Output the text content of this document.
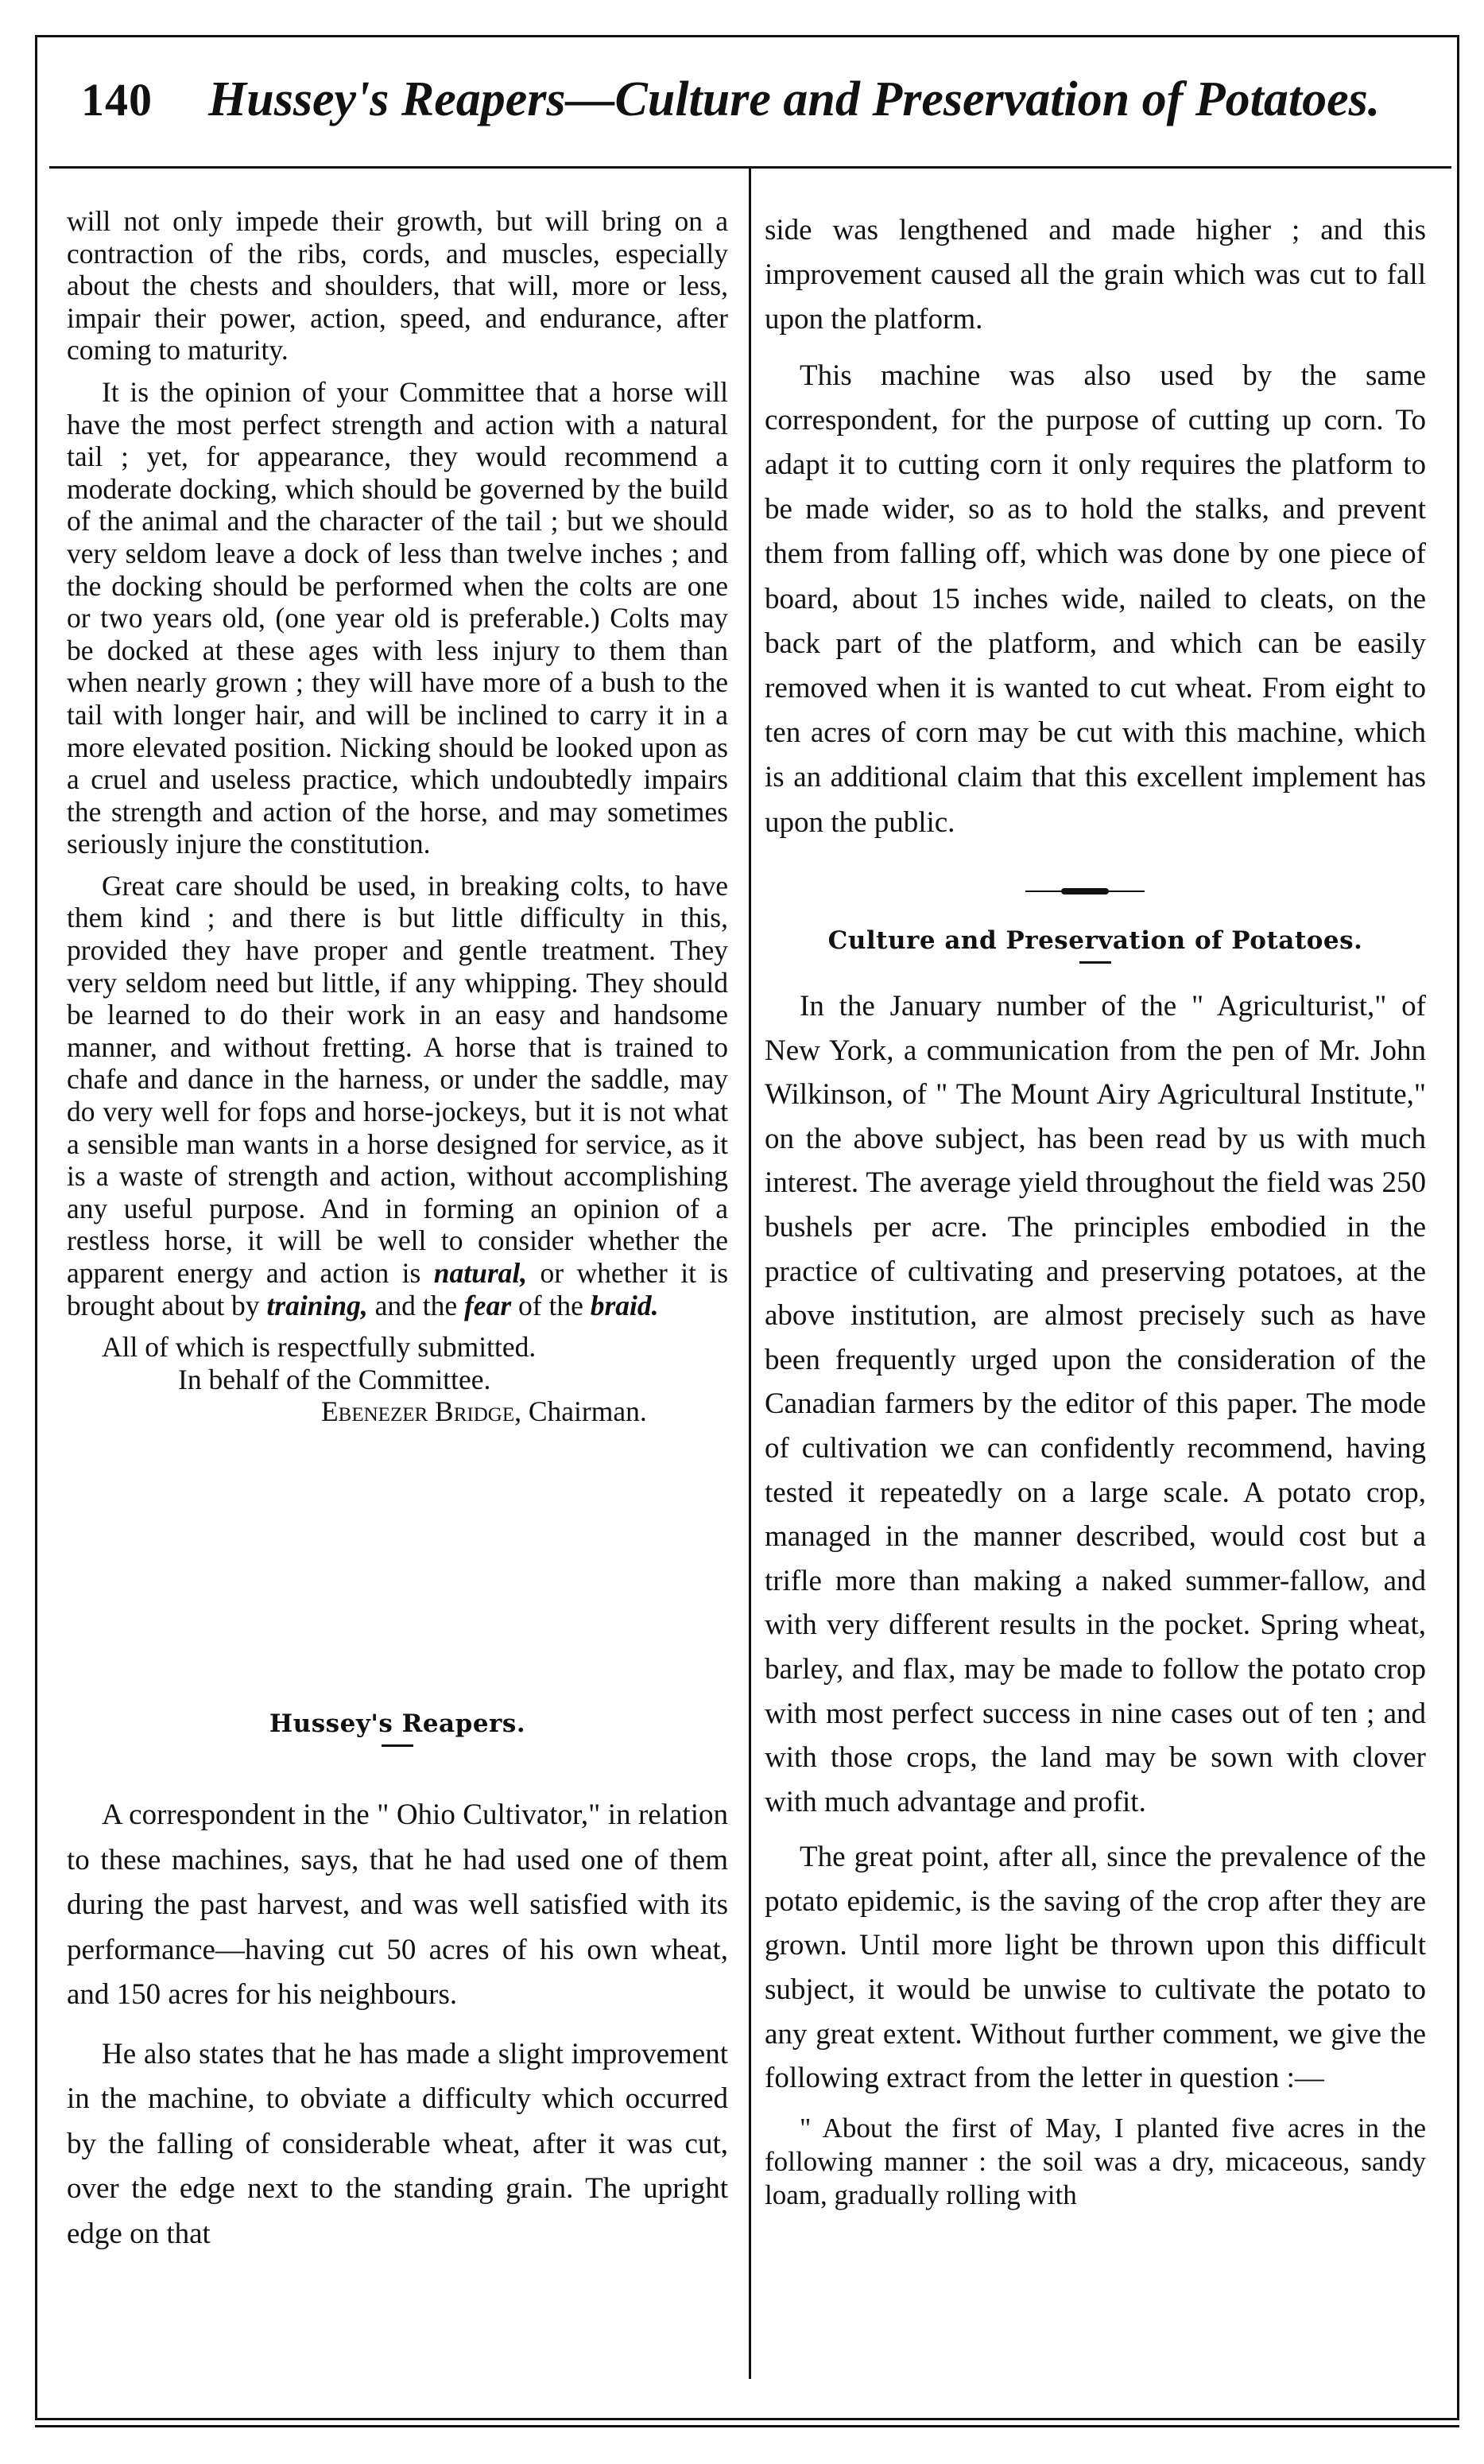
140 Hussey's Reapers—Culture and Preservation of Potatoes.

will not only impede their growth, but will bring on a contraction of the ribs, cords, and muscles, especially about the chests and shoulders, that will, more or less, impair their power, action, speed, and endurance, after coming to maturity.

It is the opinion of your Committee that a horse will have the most perfect strength and action with a natural tail ; yet, for appearance, they would recommend a moderate docking, which should be governed by the build of the animal and the character of the tail ; but we should very seldom leave a dock of less than twelve inches ; and the docking should be performed when the colts are one or two years old, (one year old is preferable.) Colts may be docked at these ages with less injury to them than when nearly grown ; they will have more of a bush to the tail with longer hair, and will be inclined to carry it in a more elevated position. Nicking should be looked upon as a cruel and useless practice, which undoubtedly impairs the strength and action of the horse, and may sometimes seriously injure the constitution.

Great care should be used, in breaking colts, to have them kind ; and there is but little difficulty in this, provided they have proper and gentle treatment. They very seldom need but little, if any whipping. They should be learned to do their work in an easy and handsome manner, and without fretting. A horse that is trained to chafe and dance in the harness, or under the saddle, may do very well for fops and horse-jockeys, but it is not what a sensible man wants in a horse designed for service, as it is a waste of strength and action, without accomplishing any useful purpose. And in forming an opinion of a restless horse, it will be well to consider whether the apparent energy and action is natural, or whether it is brought about by training, and the fear of the braid.

All of which is respectfully submitted.

In behalf of the Committee.

Ebenezer Bridge, Chairman.

Hussey's Reapers.

A correspondent in the " Ohio Cultivator," in relation to these machines, says, that he had used one of them during the past harvest, and was well satisfied with its performance—having cut 50 acres of his own wheat, and 150 acres for his neighbours.

He also states that he has made a slight improvement in the machine, to obviate a difficulty which occurred by the falling of considerable wheat, after it was cut, over the edge next to the standing grain. The upright edge on that

side was lengthened and made higher ; and this improvement caused all the grain which was cut to fall upon the platform.

This machine was also used by the same correspondent, for the purpose of cutting up corn. To adapt it to cutting corn it only requires the platform to be made wider, so as to hold the stalks, and prevent them from falling off, which was done by one piece of board, about 15 inches wide, nailed to cleats, on the back part of the platform, and which can be easily removed when it is wanted to cut wheat. From eight to ten acres of corn may be cut with this machine, which is an additional claim that this excellent implement has upon the public.

Culture and Preservation of Potatoes.

In the January number of the " Agriculturist," of New York, a communication from the pen of Mr. John Wilkinson, of " The Mount Airy Agricultural Institute," on the above subject, has been read by us with much interest. The average yield throughout the field was 250 bushels per acre. The principles embodied in the practice of cultivating and preserving potatoes, at the above institution, are almost precisely such as have been frequently urged upon the consideration of the Canadian farmers by the editor of this paper. The mode of cultivation we can confidently recommend, having tested it repeatedly on a large scale. A potato crop, managed in the manner described, would cost but a trifle more than making a naked summer-fallow, and with very different results in the pocket. Spring wheat, barley, and flax, may be made to follow the potato crop with most perfect success in nine cases out of ten ; and with those crops, the land may be sown with clover with much advantage and profit.

The great point, after all, since the prevalence of the potato epidemic, is the saving of the crop after they are grown. Until more light be thrown upon this difficult subject, it would be unwise to cultivate the potato to any great extent. Without further comment, we give the following extract from the letter in question :—

" About the first of May, I planted five acres in the following manner : the soil was a dry, micaceous, sandy loam, gradually rolling with
